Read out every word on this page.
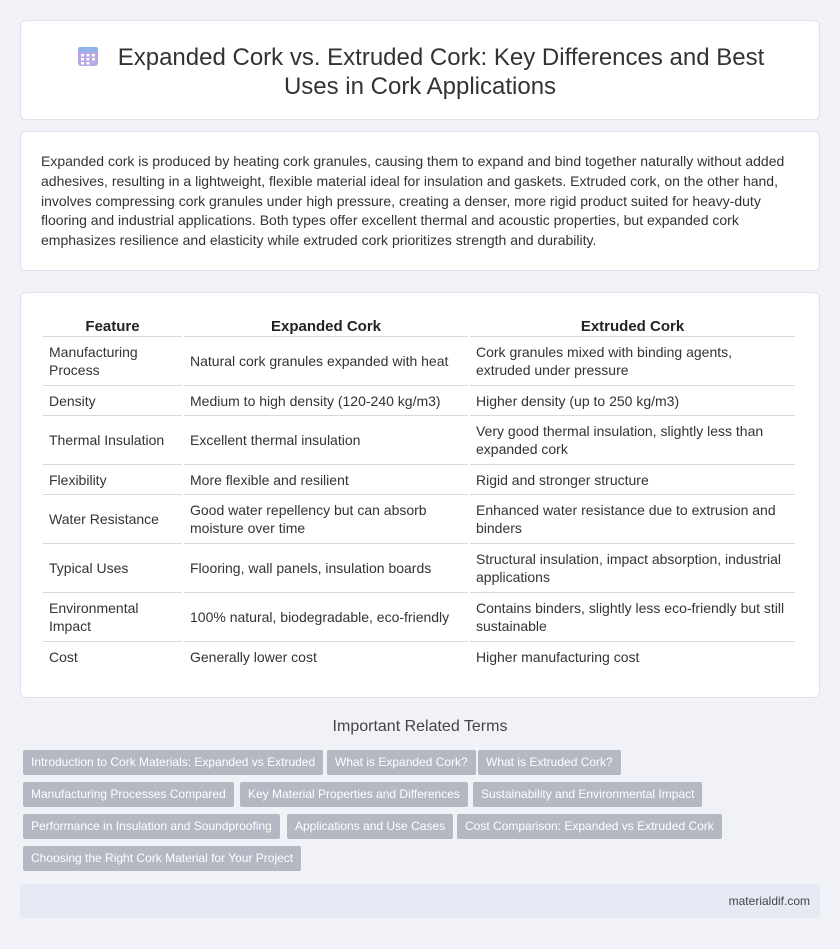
Expanded Cork vs. Extruded Cork: Key Differences and Best Uses in Cork Applications

Expanded cork is produced by heating cork granules, causing them to expand and bind together naturally without added adhesives, resulting in a lightweight, flexible material ideal for insulation and gaskets. Extruded cork, on the other hand, involves compressing cork granules under high pressure, creating a denser, more rigid product suited for heavy-duty flooring and industrial applications. Both types offer excellent thermal and acoustic properties, but expanded cork emphasizes resilience and elasticity while extruded cork prioritizes strength and durability.

Feature	Expanded Cork	Extruded Cork
Manufacturing Process	Natural cork granules expanded with heat	Cork granules mixed with binding agents, extruded under pressure
Density	Medium to high density (120-240 kg/m3)	Higher density (up to 250 kg/m3)
Thermal Insulation	Excellent thermal insulation	Very good thermal insulation, slightly less than expanded cork
Flexibility	More flexible and resilient	Rigid and stronger structure
Water Resistance	Good water repellency but can absorb moisture over time	Enhanced water resistance due to extrusion and binders
Typical Uses	Flooring, wall panels, insulation boards	Structural insulation, impact absorption, industrial applications
Environmental Impact	100% natural, biodegradable, eco-friendly	Contains binders, slightly less eco-friendly but still sustainable
Cost	Generally lower cost	Higher manufacturing cost
Important Related Terms
Introduction to Cork Materials: Expanded vs Extruded	What is Expanded Cork?	What is Extruded Cork?
Manufacturing Processes Compared	Key Material Properties and Differences	Sustainability and Environmental Impact
Performance in Insulation and Soundproofing	Applications and Use Cases	Cost Comparison: Expanded vs Extruded Cork
Choosing the Right Cork Material for Your Project
materialdif.com
